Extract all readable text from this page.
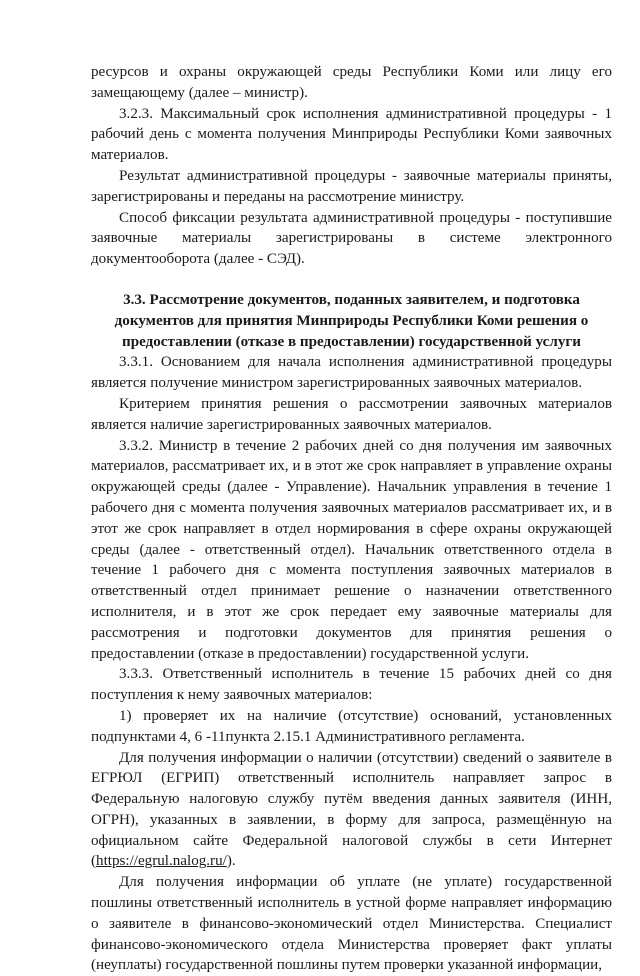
ресурсов и охраны окружающей среды Республики Коми или лицу его замещающему (далее – министр).

3.2.3. Максимальный срок исполнения административной процедуры - 1 рабочий день с момента получения Минприроды Республики Коми заявочных материалов.

Результат административной процедуры - заявочные материалы приняты, зарегистрированы и переданы на рассмотрение министру.

Способ фиксации результата административной процедуры - поступившие заявочные материалы зарегистрированы в системе электронного документооборота (далее - СЭД).

3.3. Рассмотрение документов, поданных заявителем, и подготовка документов для принятия Минприроды Республики Коми решения о предоставлении (отказе в предоставлении) государственной услуги

3.3.1. Основанием для начала исполнения административной процедуры является получение министром зарегистрированных заявочных материалов.

Критерием принятия решения о рассмотрении заявочных материалов является наличие зарегистрированных заявочных материалов.

3.3.2. Министр в течение 2 рабочих дней со дня получения им заявочных материалов, рассматривает их, и в этот же срок направляет в управление охраны окружающей среды (далее - Управление). Начальник управления в течение 1 рабочего дня с момента получения заявочных материалов рассматривает их, и в этот же срок направляет в отдел нормирования в сфере охраны окружающей среды (далее - ответственный отдел). Начальник ответственного отдела в течение 1 рабочего дня с момента поступления заявочных материалов в ответственный отдел принимает решение о назначении ответственного исполнителя, и в этот же срок передает ему заявочные материалы для рассмотрения и подготовки документов для принятия решения о предоставлении (отказе в предоставлении) государственной услуги.

3.3.3. Ответственный исполнитель в течение 15 рабочих дней со дня поступления к нему заявочных материалов:

1) проверяет их на наличие (отсутствие) оснований, установленных подпунктами 4, 6 -11пункта 2.15.1 Административного регламента.

Для получения информации о наличии (отсутствии) сведений о заявителе в ЕГРЮЛ (ЕГРИП) ответственный исполнитель направляет запрос в Федеральную налоговую службу путём введения данных заявителя (ИНН, ОГРН), указанных в заявлении, в форму для запроса, размещённую на официальном сайте Федеральной налоговой службы в сети Интернет (https://egrul.nalog.ru/).

Для получения информации об уплате (не уплате) государственной пошлины ответственный исполнитель в устной форме направляет информацию о заявителе в финансово-экономический отдел Министерства. Специалист финансово-экономического отдела Министерства проверяет факт уплаты (неуплаты) государственной пошлины путем проверки указанной информации,
